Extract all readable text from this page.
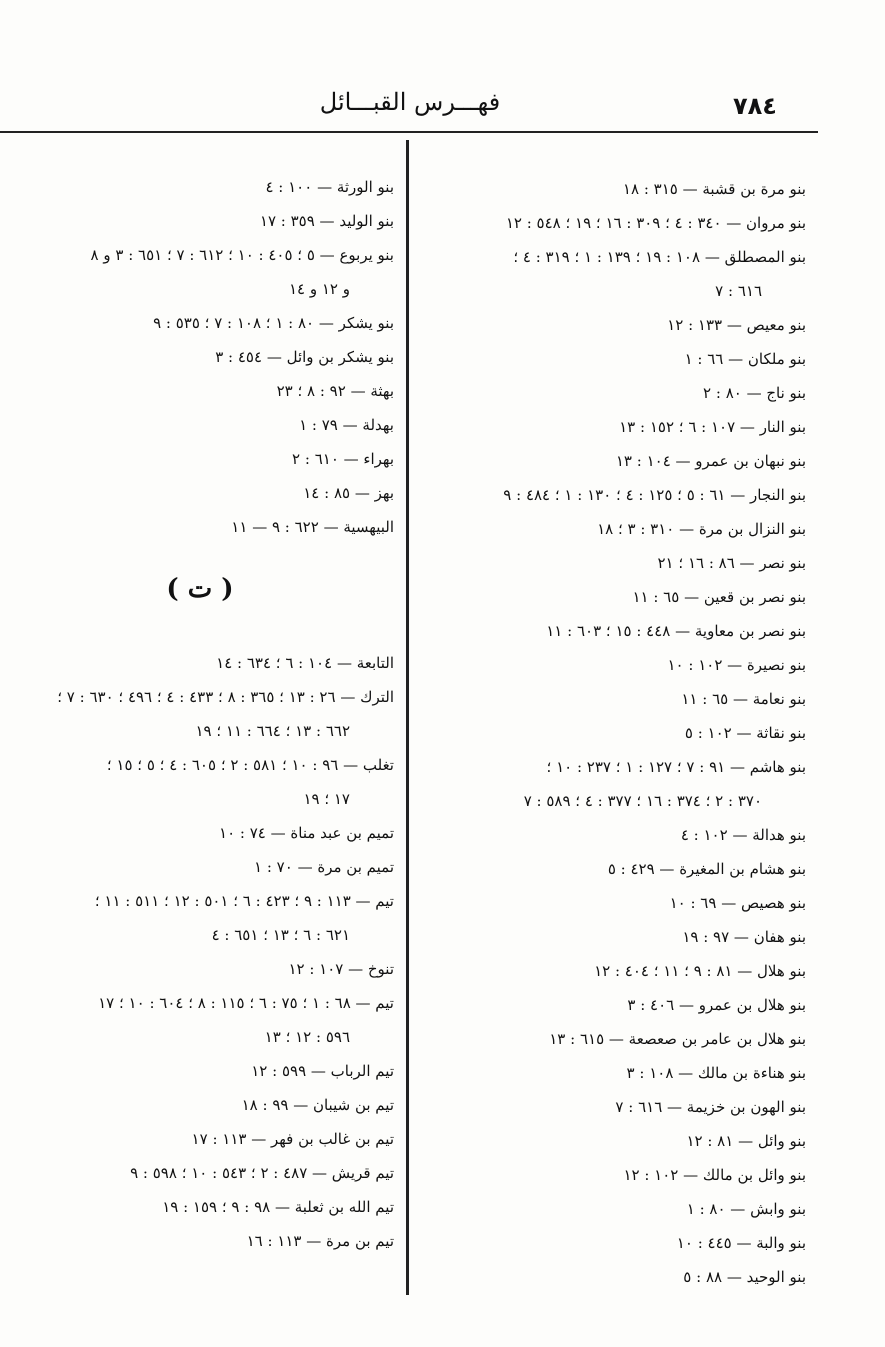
٧٨٤
فهـــرس القبـــائل
بنو مرة بن قشبة — ٣١٥ : ١٨
بنو مروان — ٣٤٠ : ٤ ؛ ٣٠٩ : ١٦ ؛ ١٩ ؛ ٥٤٨ : ١٢
بنو المصطلق — ١٠٨ : ١٩ ؛ ١٣٩ : ١ ؛ ٣١٩ : ٤ ؛
٦١٦ : ٧
بنو معيص — ١٣٣ : ١٢
بنو ملكان — ٦٦ : ١
بنو ناج — ٨٠ : ٢
بنو النار — ١٠٧ : ٦ ؛ ١٥٢ : ١٣
بنو نبهان بن عمرو — ١٠٤ : ١٣
بنو النجار — ٦١ : ٥ ؛ ١٢٥ : ٤ ؛ ١٣٠ : ١ ؛ ٤٨٤ : ٩
بنو النزال بن مرة — ٣١٠ : ٣ ؛ ١٨
بنو نصر — ٨٦ : ١٦ ؛ ٢١
بنو نصر بن قعين — ٦٥ : ١١
بنو نصر بن معاوية — ٤٤٨ : ١٥ ؛ ٦٠٣ : ١١
بنو نصيرة — ١٠٢ : ١٠
بنو نعامة — ٦٥ : ١١
بنو نقاثة — ١٠٢ : ٥
بنو هاشم — ٩١ : ٧ ؛ ١٢٧ : ١ ؛ ٢٣٧ : ١٠ ؛
٣٧٠ : ٢ ؛ ٣٧٤ : ١٦ ؛ ٣٧٧ : ٤ ؛ ٥٨٩ : ٧
بنو هدالة — ١٠٢ : ٤
بنو هشام بن المغيرة — ٤٢٩ : ٥
بنو هصيص — ٦٩ : ١٠
بنو هفان — ٩٧ : ١٩
بنو هلال — ٨١ : ٩ ؛ ١١ ؛ ٤٠٤ : ١٢
بنو هلال بن عمرو — ٤٠٦ : ٣
بنو هلال بن عامر بن صعصعة — ٦١٥ : ١٣
بنو هناءة بن مالك — ١٠٨ : ٣
بنو الهون بن خزيمة — ٦١٦ : ٧
بنو وائل — ٨١ : ١٢
بنو وائل بن مالك — ١٠٢ : ١٢
بنو وابش — ٨٠ : ١
بنو والبة — ٤٤٥ : ١٠
بنو الوحيد — ٨٨ : ٥
بنو الورثة — ١٠٠ : ٤
بنو الوليد — ٣٥٩ : ١٧
بنو يربوع — ٥ ؛ ٤٠٥ : ١٠ ؛ ٦١٢ : ٧ ؛ ٦٥١ : ٣ و ٨
و ١٢ و ١٤
بنو يشكر — ٨٠ : ١ ؛ ١٠٨ : ٧ ؛ ٥٣٥ : ٩
بنو يشكر بن وائل — ٤٥٤ : ٣
بهثة — ٩٢ : ٨ ؛ ٢٣
بهدلة — ٧٩ : ١
بهراء — ٦١٠ : ٢
بهز — ٨٥ : ١٤
البيهسية — ٦٢٢ : ٩ — ١١
( ت )
التابعة — ١٠٤ : ٦ ؛ ٦٣٤ : ١٤
الترك — ٢٦ : ١٣ ؛ ٣٦٥ : ٨ ؛ ٤٣٣ : ٤ ؛ ٤٩٦ ؛ ٦٣٠ : ٧ ؛
٦٦٢ : ١٣ ؛ ٦٦٤ : ١١ ؛ ١٩
تغلب — ٩٦ : ١٠ ؛ ٥٨١ : ٢ ؛ ٦٠٥ : ٤ ؛ ٥ ؛ ١٥ ؛
١٧ ؛ ١٩
تميم بن عبد مناة — ٧٤ : ١٠
تميم بن مرة — ٧٠ : ١
تيم — ١١٣ : ٩ ؛ ٤٢٣ : ٦ ؛ ٥٠١ : ١٢ ؛ ٥١١ : ١١ ؛
٦٢١ : ٦ ؛ ١٣ ؛ ٦٥١ : ٤
تنوخ — ١٠٧ : ١٢
تيم — ٦٨ : ١ ؛ ٧٥ : ٦ ؛ ١١٥ : ٨ ؛ ٦٠٤ : ١٠ ؛ ١٧
٥٩٦ : ١٢ ؛ ١٣
تيم الرباب — ٥٩٩ : ١٢
تيم بن شيبان — ٩٩ : ١٨
تيم بن غالب بن فهر — ١١٣ : ١٧
تيم قريش — ٤٨٧ : ٢ ؛ ٥٤٣ : ١٠ ؛ ٥٩٨ : ٩
تيم الله بن ثعلبة — ٩٨ : ٩ ؛ ١٥٩ : ١٩
تيم بن مرة — ١١٣ : ١٦
